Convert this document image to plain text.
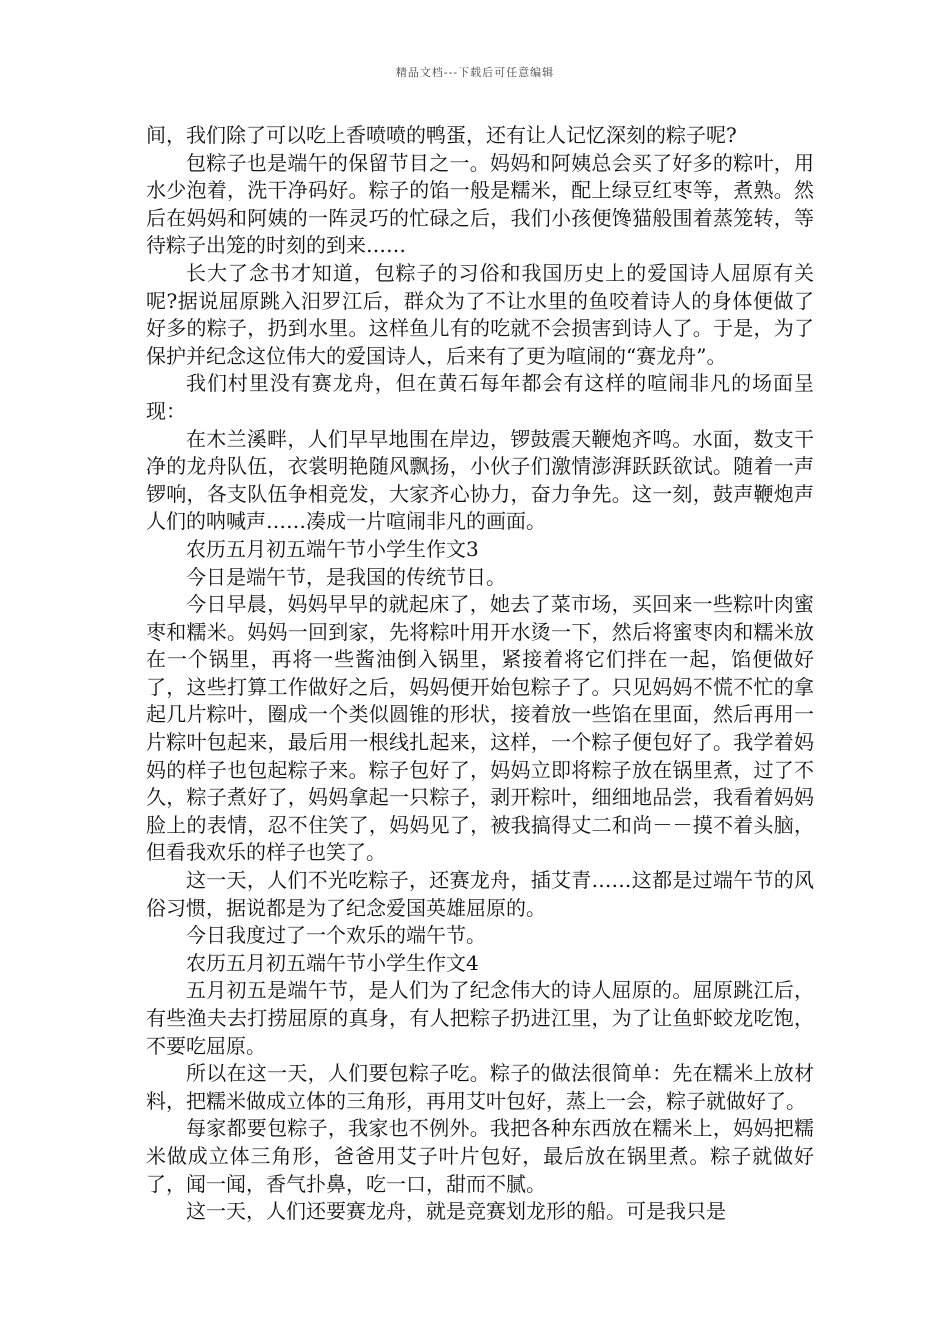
精品文档---下载后可任意编辑

间，我们除了可以吃上香喷喷的鸭蛋，还有让人记忆深刻的粽子呢?

包粽子也是端午的保留节目之一。妈妈和阿姨总会买了好多的粽叶，用水少泡着，洗干净码好。粽子的馅一般是糯米，配上绿豆红枣等，煮熟。然后在妈妈和阿姨的一阵灵巧的忙碌之后，我们小孩便馋猫般围着蒸笼转，等待粽子出笼的时刻的到来……

长大了念书才知道，包粽子的习俗和我国历史上的爱国诗人屈原有关呢?据说屈原跳入汨罗江后，群众为了不让水里的鱼咬着诗人的身体便做了好多的粽子，扔到水里。这样鱼儿有的吃就不会损害到诗人了。于是，为了保护并纪念这位伟大的爱国诗人，后来有了更为喧闹的“赛龙舟”。

我们村里没有赛龙舟，但在黄石每年都会有这样的喧闹非凡的场面呈现：

在木兰溪畔，人们早早地围在岸边，锣鼓震天鞭炮齐鸣。水面，数支干净的龙舟队伍，衣裳明艳随风飘扬，小伙子们激情澎湃跃跃欲试。随着一声锣响，各支队伍争相竞发，大家齐心协力，奋力争先。这一刻，鼓声鞭炮声人们的呐喊声……凑成一片喧闹非凡的画面。

农历五月初五端午节小学生作文3

今日是端午节，是我国的传统节日。

今日早晨，妈妈早早的就起床了，她去了菜市场，买回来一些粽叶肉蜜枣和糯米。妈妈一回到家，先将粽叶用开水烫一下，然后将蜜枣肉和糯米放在一个锅里，再将一些酱油倒入锅里，紧接着将它们拌在一起，馅便做好了，这些打算工作做好之后，妈妈便开始包粽子了。只见妈妈不慌不忙的拿起几片粽叶，圈成一个类似圆锥的形状，接着放一些馅在里面，然后再用一片粽叶包起来，最后用一根线扎起来，这样，一个粽子便包好了。我学着妈妈的样子也包起粽子来。粽子包好了，妈妈立即将粽子放在锅里煮，过了不久，粽子煮好了，妈妈拿起一只粽子，剥开粽叶，细细地品尝，我看着妈妈脸上的表情，忍不住笑了，妈妈见了，被我搞得丈二和尚－－摸不着头脑，但看我欢乐的样子也笑了。

这一天，人们不光吃粽子，还赛龙舟，插艾青……这都是过端午节的风俗习惯，据说都是为了纪念爱国英雄屈原的。

今日我度过了一个欢乐的端午节。

农历五月初五端午节小学生作文4

五月初五是端午节，是人们为了纪念伟大的诗人屈原的。屈原跳江后，有些渔夫去打捞屈原的真身，有人把粽子扔进江里，为了让鱼虾蛟龙吃饱，不要吃屈原。

所以在这一天，人们要包粽子吃。粽子的做法很简单：先在糯米上放材料，把糯米做成立体的三角形，再用艾叶包好，蒸上一会，粽子就做好了。

每家都要包粽子，我家也不例外。我把各种东西放在糯米上，妈妈把糯米做成立体三角形，爸爸用艾子叶片包好，最后放在锅里煮。粽子就做好了，闻一闻，香气扑鼻，吃一口，甜而不腻。

这一天，人们还要赛龙舟，就是竞赛划龙形的船。可是我只是
